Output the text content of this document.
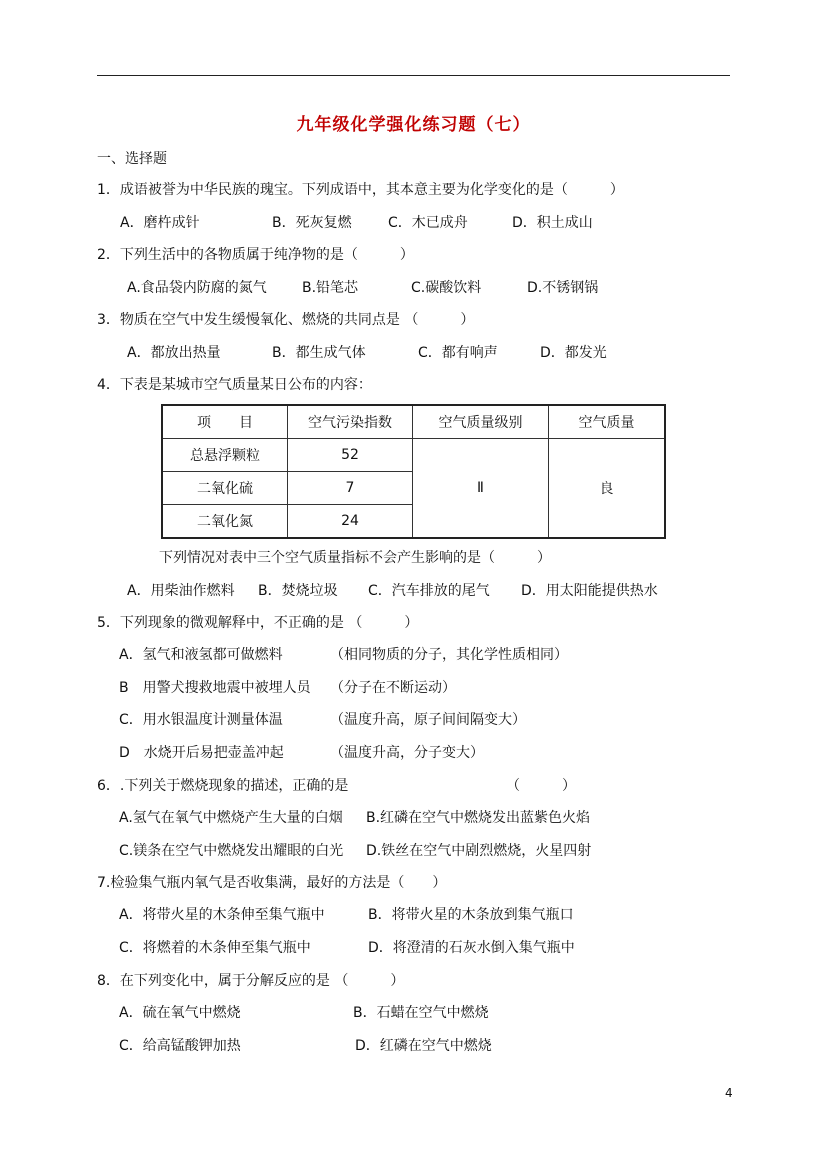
九年级化学强化练习题（七）
一、选择题
1．成语被誉为中华民族的瑰宝。下列成语中，其本意主要为化学变化的是（　　　）
A．磨杵成针	B．死灰复燃	C．木已成舟	D．积土成山
2．下列生活中的各物质属于纯净物的是（　　　）
A.食品袋内防腐的氮气	B.铅笔芯	C.碳酸饮料	D.不锈钢锅
3．物质在空气中发生缓慢氧化、燃烧的共同点是 （　　　）
A．都放出热量	B．都生成气体	C．都有响声	D．都发光
4．下表是某城市空气质量某日公布的内容：
项　　目	空气污染指数	空气质量级别	空气质量
总悬浮颗粒	52	Ⅱ	良
二氧化硫	7		
二氧化氮	24		
下列情况对表中三个空气质量指标不会产生影响的是（　　　）
A．用柴油作燃料 B．焚烧垃圾 C．汽车排放的尾气 D．用太阳能提供热水
5．下列现象的微观解释中，不正确的是 （　　　）
A．氢气和液氢都可做燃料	（相同物质的分子，其化学性质相同）
B　用警犬搜救地震中被埋人员 （分子在不断运动）
C．用水银温度计测量体温	（温度升高，原子间间隔变大）
D　水烧开后易把壶盖冲起	（温度升高，分子变大）
6．.下列关于燃烧现象的描述，正确的是	（　　　）
A.氢气在氧气中燃烧产生大量的白烟 B.红磷在空气中燃烧发出蓝紫色火焰
C.镁条在空气中燃烧发出耀眼的白光 D.铁丝在空气中剧烈燃烧，火星四射
7.检验集气瓶内氧气是否收集满，最好的方法是（　　）
A．将带火星的木条伸至集气瓶中	B．将带火星的木条放到集气瓶口
C．将燃着的木条伸至集气瓶中	D．将澄清的石灰水倒入集气瓶中
8．在下列变化中，属于分解反应的是 （　　　）
A．硫在氧气中燃烧	B．石蜡在空气中燃烧
C．给高锰酸钾加热	D．红磷在空气中燃烧
4
